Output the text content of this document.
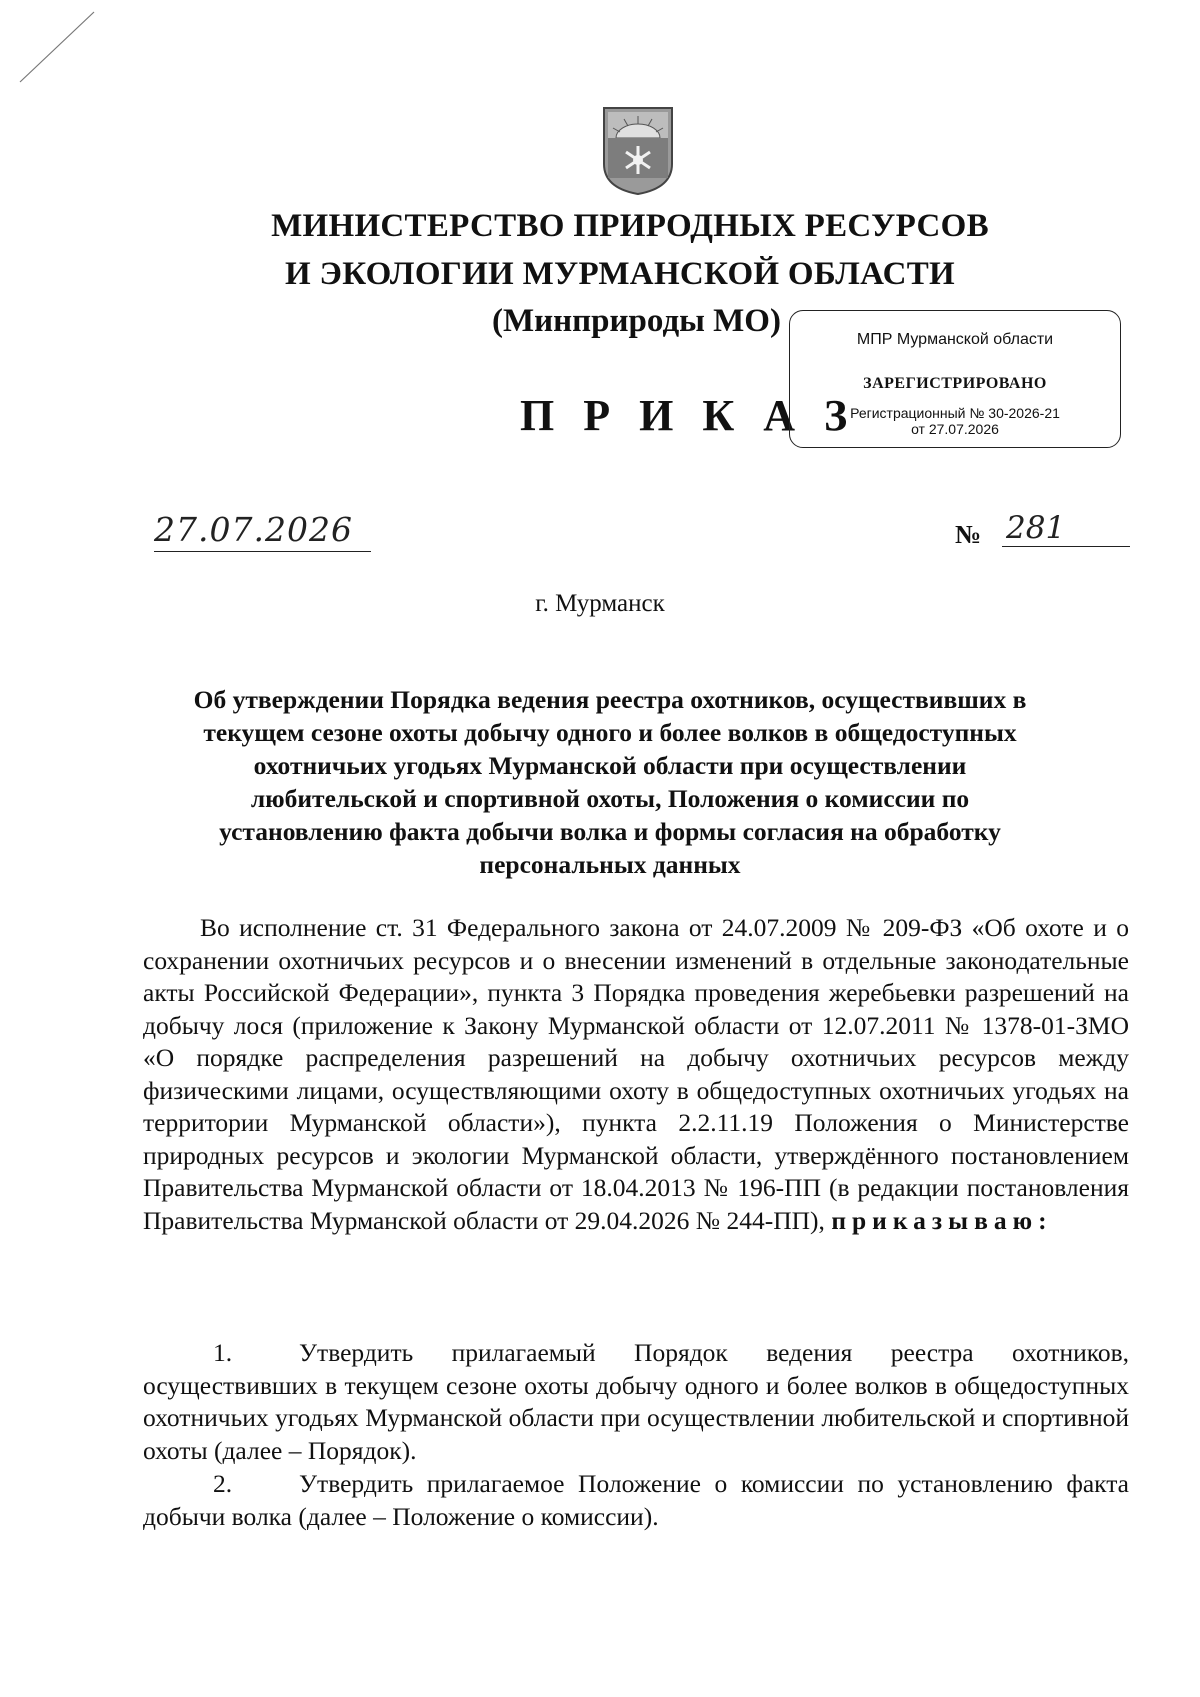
МИНИСТЕРСТВО ПРИРОДНЫХ РЕСУРСОВ
И ЭКОЛОГИИ МУРМАНСКОЙ ОБЛАСТИ
(Минприроды МО)
П Р И К А З
МПР Мурманской области
ЗАРЕГИСТРИРОВАНО
Регистрационный № 30-2026-21
от 27.07.2026
27.07.2026	№ 281
г. Мурманск
Об утверждении Порядка ведения реестра охотников, осуществивших в текущем сезоне охоты добычу одного и более волков в общедоступных охотничьих угодьях Мурманской области при осуществлении любительской и спортивной охоты, Положения о комиссии по установлению факта добычи волка и формы согласия на обработку персональных данных
Во исполнение ст. 31 Федерального закона от 24.07.2009 № 209-ФЗ «Об охоте и о сохранении охотничьих ресурсов и о внесении изменений в отдельные законодательные акты Российской Федерации», пункта 3 Порядка проведения жеребьевки разрешений на добычу лося (приложение к Закону Мурманской области от 12.07.2011 № 1378-01-ЗМО «О порядке распределения разрешений на добычу охотничьих ресурсов между физическими лицами, осуществляющими охоту в общедоступных охотничьих угодьях на территории Мурманской области»), пункта 2.2.11.19 Положения о Министерстве природных ресурсов и экологии Мурманской области, утверждённого постановлением Правительства Мурманской области от 18.04.2013 № 196-ПП (в редакции постановления Правительства Мурманской области от 29.04.2026 № 244-ПП), приказываю:
1.	Утвердить прилагаемый Порядок ведения реестра охотников, осуществивших в текущем сезоне охоты добычу одного и более волков в общедоступных охотничьих угодьях Мурманской области при осуществлении любительской и спортивной охоты (далее – Порядок).
2.	Утвердить прилагаемое Положение о комиссии по установлению факта добычи волка (далее – Положение о комиссии).
